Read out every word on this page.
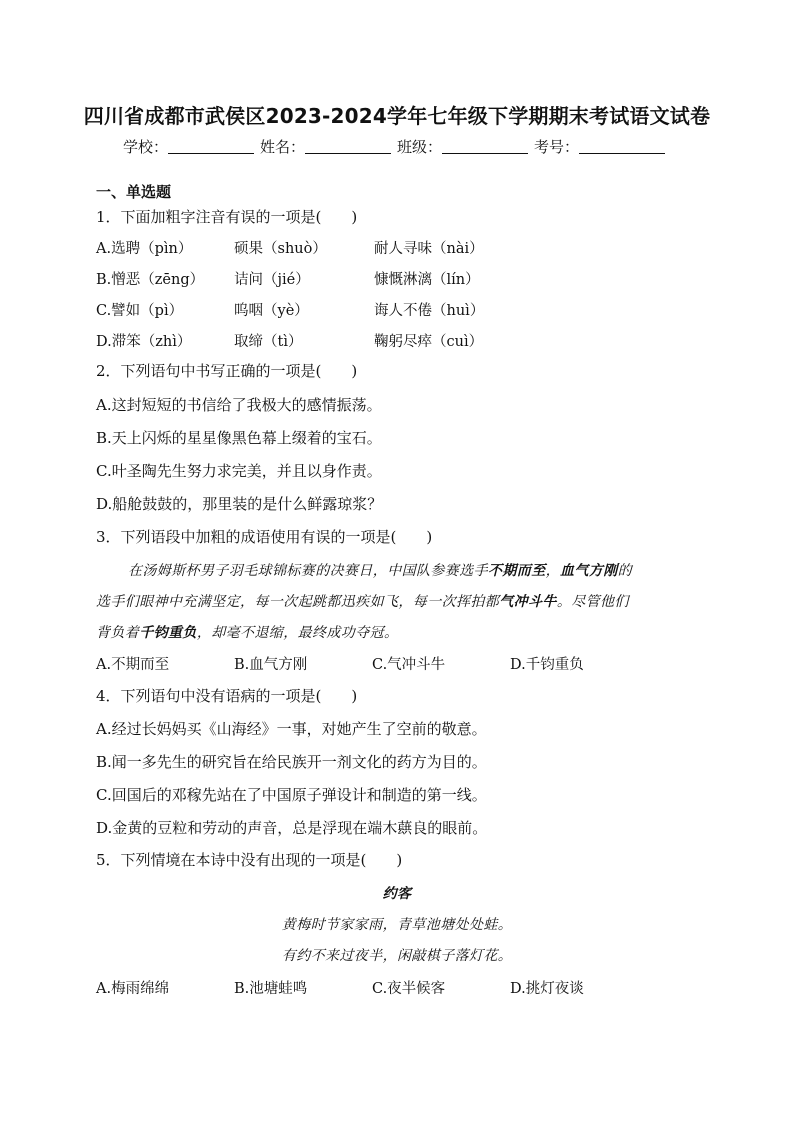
四川省成都市武侯区2023-2024学年七年级下学期期末考试语文试卷
学校：	姓名：	班级：	考号：
一、单选题
1．下面加粗字注音有误的一项是(　　)
A.选聘（pìn）	硕果（shuò）	耐人寻味（nài）
B.憎恶（zēng） 诘问（jié）	慷慨淋漓（lín）
C.譬如（pì）	呜咽（yè）	诲人不倦（huì）
D.滞笨（zhì）	取缔（tì）	鞠躬尽瘁（cuì）
2．下列语句中书写正确的一项是(　　)
A.这封短短的书信给了我极大的感情振荡。
B.天上闪烁的星星像黑色幕上缀着的宝石。
C.叶圣陶先生努力求完美，并且以身作责。
D.船舱鼓鼓的，那里装的是什么鲜露琼浆？
3．下列语段中加粗的成语使用有误的一项是(　　)
在汤姆斯杯男子羽毛球锦标赛的决赛日，中国队参赛选手不期而至，血气方刚的
选手们眼神中充满坚定，每一次起跳都迅疾如飞，每一次挥拍都气冲斗牛。尽管他们
背负着千钧重负，却毫不退缩，最终成功夺冠。
A.不期而至	B.血气方刚	C.气冲斗牛	D.千钧重负
4．下列语句中没有语病的一项是(　　)
A.经过长妈妈买《山海经》一事，对她产生了空前的敬意。
B.闻一多先生的研究旨在给民族开一剂文化的药方为目的。
C.回国后的邓稼先站在了中国原子弹设计和制造的第一线。
D.金黄的豆粒和劳动的声音，总是浮现在端木蕻良的眼前。
5．下列情境在本诗中没有出现的一项是(　　)
约客
黄梅时节家家雨，青草池塘处处蛙。
有约不来过夜半，闲敲棋子落灯花。
A.梅雨绵绵	B.池塘蛙鸣	C.夜半候客	D.挑灯夜谈
